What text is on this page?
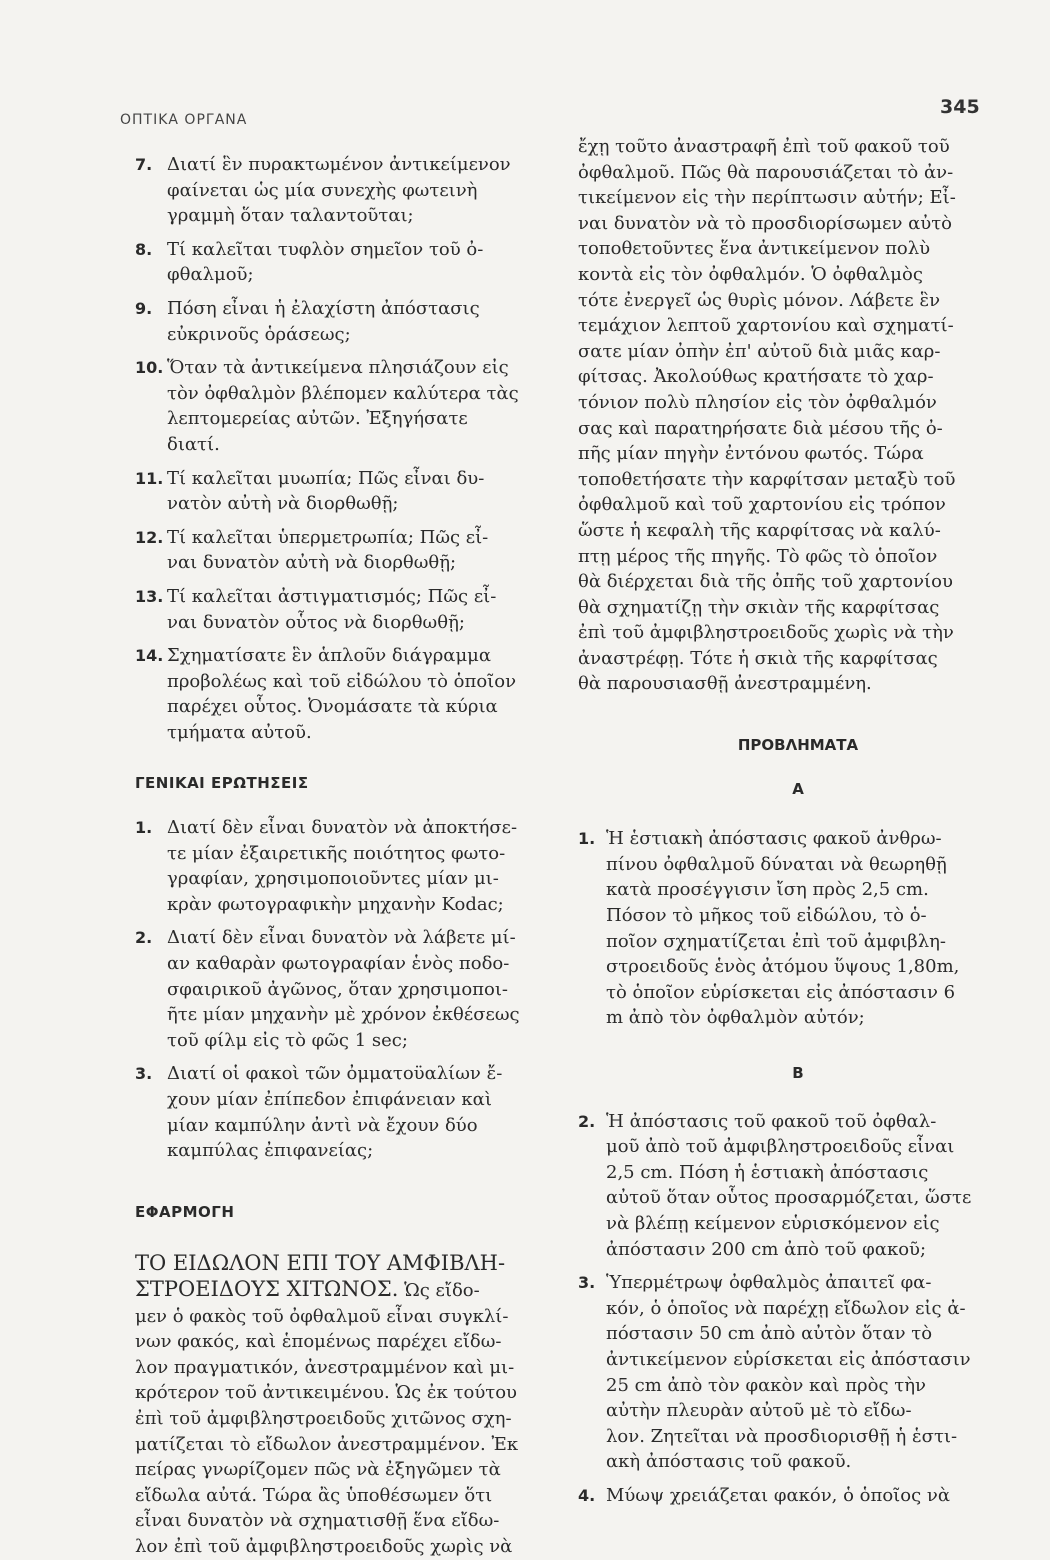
ΟΠΤΙΚΑ ΟΡΓΑΝΑ
345
7. Διατί ἓν πυρακτωμένον ἀντικείμενον
φαίνεται ὡς μία συνεχὴς φωτεινὴ
γραμμὴ ὅταν ταλαντοῦται;
8. Τί καλεῖται τυφλὸν σημεῖον τοῦ ὀ-
φθαλμοῦ;
9. Πόση εἶναι ἡ ἐλαχίστη ἀπόστασις
εὐκρινοῦς ὁράσεως;
10. Ὅταν τὰ ἀντικείμενα πλησιάζουν εἰς
τὸν ὀφθαλμὸν βλέπομεν καλύτερα τὰς
λεπτομερείας αὐτῶν. Ἐξηγήσατε
διατί.
11. Τί καλεῖται μυωπία; Πῶς εἶναι δυ-
νατὸν αὐτὴ νὰ διορθωθῇ;
12. Τί καλεῖται ὑπερμετρωπία; Πῶς εἶ-
ναι δυνατὸν αὐτὴ νὰ διορθωθῇ;
13. Τί καλεῖται ἀστιγματισμός; Πῶς εἶ-
ναι δυνατὸν οὗτος νὰ διορθωθῇ;
14. Σχηματίσατε ἓν ἁπλοῦν διάγραμμα
προβολέως καὶ τοῦ εἰδώλου τὸ ὁποῖον
παρέχει οὗτος. Ὀνομάσατε τὰ κύρια
τμήματα αὐτοῦ.
ΓΕΝΙΚΑΙ ΕΡΩΤΗΣΕΙΣ
1. Διατί δὲν εἶναι δυνατὸν νὰ ἀποκτήσε-
τε μίαν ἐξαιρετικῆς ποιότητος φωτο-
γραφίαν, χρησιμοποιοῦντες μίαν μι-
κρὰν φωτογραφικὴν μηχανὴν Kodac;
2. Διατί δὲν εἶναι δυνατὸν νὰ λάβετε μί-
αν καθαρὰν φωτογραφίαν ἑνὸς ποδο-
σφαιρικοῦ ἀγῶνος, ὅταν χρησιμοποι-
ῆτε μίαν μηχανὴν μὲ χρόνον ἐκθέσεως
τοῦ φίλμ εἰς τὸ φῶς 1 sec;
3. Διατί οἱ φακοὶ τῶν ὀμματοϋαλίων ἔ-
χουν μίαν ἐπίπεδον ἐπιφάνειαν καὶ
μίαν καμπύλην ἀντὶ νὰ ἔχουν δύο
καμπύλας ἐπιφανείας;
ΕΦΑΡΜΟΓΗ
ΤΟ ΕΙΔΩΛΟΝ ΕΠΙ ΤΟΥ ΑΜΦΙΒΛΗ-
ΣΤΡΟΕΙΔΟΥΣ ΧΙΤΩΝΟΣ. Ὡς εἴδο-
μεν ὁ φακὸς τοῦ ὀφθαλμοῦ εἶναι συγκλί-
νων φακός, καὶ ἑπομένως παρέχει εἴδω-
λον πραγματικόν, ἀνεστραμμένον καὶ μι-
κρότερον τοῦ ἀντικειμένου. Ὡς ἐκ τούτου
ἐπὶ τοῦ ἀμφιβληστροειδοῦς χιτῶνος σχη-
ματίζεται τὸ εἴδωλον ἀνεστραμμένον. Ἐκ
πείρας γνωρίζομεν πῶς νὰ ἐξηγῶμεν τὰ
εἴδωλα αὐτά. Τώρα ἂς ὑποθέσωμεν ὅτι
εἶναι δυνατὸν νὰ σχηματισθῇ ἕνα εἴδω-
λον ἐπὶ τοῦ ἀμφιβληστροειδοῦς χωρὶς νὰ
ἔχῃ τοῦτο ἀναστραφῆ ἐπὶ τοῦ φακοῦ τοῦ
ὀφθαλμοῦ. Πῶς θὰ παρουσιάζεται τὸ ἀν-
τικείμενον εἰς τὴν περίπτωσιν αὐτήν; Εἶ-
ναι δυνατὸν νὰ τὸ προσδιορίσωμεν αὐτὸ
τοποθετοῦντες ἕνα ἀντικείμενον πολὺ
κοντὰ εἰς τὸν ὀφθαλμόν. Ὁ ὀφθαλμὸς
τότε ἐνεργεῖ ὡς θυρὶς μόνον. Λάβετε ἓν
τεμάχιον λεπτοῦ χαρτονίου καὶ σχηματί-
σατε μίαν ὀπὴν ἐπ' αὐτοῦ διὰ μιᾶς καρ-
φίτσας. Ἀκολούθως κρατήσατε τὸ χαρ-
τόνιον πολὺ πλησίον εἰς τὸν ὀφθαλμόν
σας καὶ παρατηρήσατε διὰ μέσου τῆς ὀ-
πῆς μίαν πηγὴν ἐντόνου φωτός. Τώρα
τοποθετήσατε τὴν καρφίτσαν μεταξὺ τοῦ
ὀφθαλμοῦ καὶ τοῦ χαρτονίου εἰς τρόπον
ὥστε ἡ κεφαλὴ τῆς καρφίτσας νὰ καλύ-
πτῃ μέρος τῆς πηγῆς. Τὸ φῶς τὸ ὁποῖον
θὰ διέρχεται διὰ τῆς ὀπῆς τοῦ χαρτονίου
θὰ σχηματίζῃ τὴν σκιὰν τῆς καρφίτσας
ἐπὶ τοῦ ἀμφιβληστροειδοῦς χωρὶς νὰ τὴν
ἀναστρέφῃ. Τότε ἡ σκιὰ τῆς καρφίτσας
θὰ παρουσιασθῇ ἀνεστραμμένη.
ΠΡΟΒΛΗΜΑΤΑ
Α
1. Ἡ ἑστιακὴ ἀπόστασις φακοῦ ἀνθρω-
πίνου ὀφθαλμοῦ δύναται νὰ θεωρηθῇ
κατὰ προσέγγισιν ἴση πρὸς 2,5 cm.
Πόσον τὸ μῆκος τοῦ εἰδώλου, τὸ ὁ-
ποῖον σχηματίζεται ἐπὶ τοῦ ἀμφιβλη-
στροειδοῦς ἑνὸς ἀτόμου ὕψους 1,80m,
τὸ ὁποῖον εὑρίσκεται εἰς ἀπόστασιν 6
m ἀπὸ τὸν ὀφθαλμὸν αὐτόν;
Β
2. Ἡ ἀπόστασις τοῦ φακοῦ τοῦ ὀφθαλ-
μοῦ ἀπὸ τοῦ ἀμφιβληστροειδοῦς εἶναι
2,5 cm. Πόση ἡ ἑστιακὴ ἀπόστασις
αὐτοῦ ὅταν οὗτος προσαρμόζεται, ὥστε
νὰ βλέπῃ κείμενον εὑρισκόμενον εἰς
ἀπόστασιν 200 cm ἀπὸ τοῦ φακοῦ;
3. Ὑπερμέτρωψ ὀφθαλμὸς ἀπαιτεῖ φα-
κόν, ὁ ὁποῖος νὰ παρέχῃ εἴδωλον εἰς ἀ-
πόστασιν 50 cm ἀπὸ αὐτὸν ὅταν τὸ
ἀντικείμενον εὑρίσκεται εἰς ἀπόστασιν
25 cm ἀπὸ τὸν φακὸν καὶ πρὸς τὴν
αὐτὴν πλευρὰν αὐτοῦ μὲ τὸ εἴδω-
λον. Ζητεῖται νὰ προσδιορισθῇ ἡ ἑστι-
ακὴ ἀπόστασις τοῦ φακοῦ.
4. Μύωψ χρειάζεται φακόν, ὁ ὁποῖος νὰ
